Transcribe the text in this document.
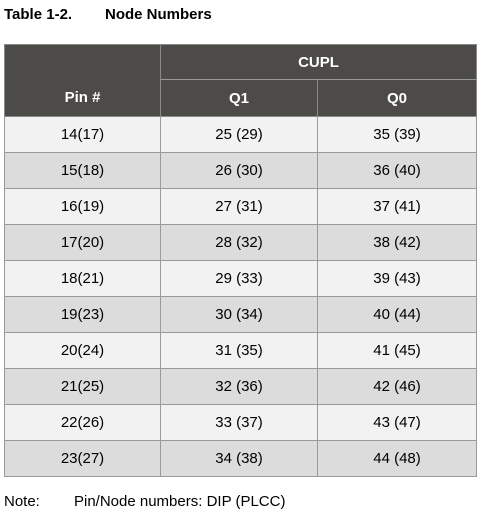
Table 1-2. Node Numbers
Pin #	CUPL	
	Q1	Q0
14(17)	25 (29)	35 (39)
15(18)	26 (30)	36 (40)
16(19)	27 (31)	37 (41)
17(20)	28 (32)	38 (42)
18(21)	29 (33)	39 (43)
19(23)	30 (34)	40 (44)
20(24)	31 (35)	41 (45)
21(25)	32 (36)	42 (46)
22(26)	33 (37)	43 (47)
23(27)	34 (38)	44 (48)
Note: Pin/Node numbers: DIP (PLCC)
